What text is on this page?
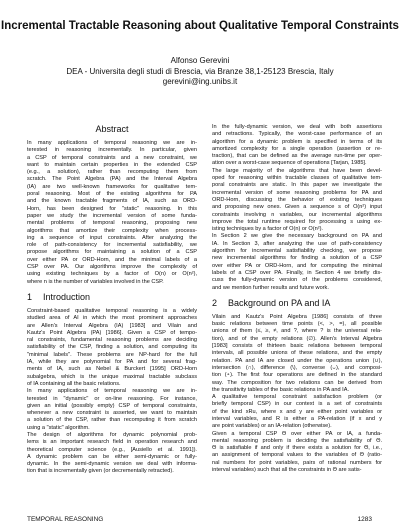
Incremental Tractable Reasoning about Qualitative Temporal Constraints
Alfonso Gerevini
DEA - Universita degli studi di Brescia, via Branze 38,1-25123 Brescia, Italy
gerevini@ing.unibs.it
Abstract
In many applications of temporal reasoning we are in-
terested in reasoning incrementally. In particular, given
a CSP of temporal constraints and a new constraint, we
want to maintain certain properties in the extended CSP
(e.g., a solution), rather than recomputing them from
scratch. The Point Algebra (PA) and the Interval Algebra
(IA) are two well-known frameworks for qualitative tem-
poral reasoning. Most of the existing algorithms for PA
and the known tractable fragments of IA, such as ORD-
Horn, has been designed for "static" reasoning. In this
paper we study the incremental version of some funda-
mental problems of temporal reasoning, proposing new
algorithms that amortize their complexity when process-
ing a sequence of input constraints. After analyzing the
role of path-consistency for incremental satisfiability, we
propose algorithms for maintaining a solution of a CSP
over either PA or ORD-Horn, and the minimal labels of a
CSP over PA. Our algorithms improve the complexity of
using existing techniques by a factor of O(n) or O(n²),
where n is the number of variables involved in the CSP.
1 Introduction
Constraint-based qualitative temporal reasoning is a widely
studied area of AI in which the most prominent approaches
are Allen's Interval Algebra (IA) [1983] and Vilain and
Kautz's Point Algebra (PA) [1986]. Given a CSP of tempo-
ral constraints, fundamental reasoning problems are deciding
satisfiability of the CSP, finding a solution, and computing its
"minimal labels". These problems are NP-hard for the full
IA, while they are polynomial for PA and for several frag-
ments of IA, such as Nebel & Burckert [1995] ORD-Horn
subalgebra, which is the unique maximal tractable subclass
of IA containing all the basic relations.
In many applications of temporal reasoning we are in-
terested in "dynamic" or on-line reasoning. For instance,
given an initial (possibly empty) CSP of temporal constraints,
whenever a new constraint is asserted, we want to maintain
a solution of the CSP, rather than recomputing it from scratch
using a "static" algorithm.
The design of algorithms for dynamic polynomial prob-
lems is an important research field in operation research and
theoretical computer science (e.g., [Ausiello et al. 1991]).
A dynamic problem can be either semi-dynamic or fully-
dynamic. In the semi-dynamic version we deal with informa-
tion that is incrementally given (or decrementally retracted).
In the fully-dynamic version, we deal with both assertions
and retractions. Typically, the worst-case performance of an
algorithm for a dynamic problem is specified in terms of its
amortized complexity for a single operation (assertion or re-
traction), that can be defined as the average run-time per oper-
ation over a worst-case sequence of operations [Tarjan, 1985].
The large majority of the algorithms that have been devel-
oped for reasoning within tractable classes of qualitative tem-
poral constraints are static. In this paper we investigate the
incremental version of some reasoning problems for PA and
ORD-Horn, discussing the behavior of existing techniques
and proposing new ones. Given a sequence s of O(n²) input
constraints involving n variables, our incremental algorithms
improve the total runtime required for processing s using ex-
isting techniques by a factor of O(n) or O(n²).
In Section 2 we give the necessary background on PA and
IA. In Section 3, after analyzing the use of path-consistency
algorithm for incremental satisfiability checking, we propose
new incremental algorithms for finding a solution of a CSP
over either PA or ORD-Horn, and for computing the minimal
labels of a CSP over PA. Finally, in Section 4 we briefly dis-
cuss the fully-dynamic version of the problems considered,
and we mention further results and future work.
2 Background on PA and IA
Vilain and Kautz's Point Algebra [1986] consists of three
basic relations between time points (<, >, =), all possible
unions of them (≤, ≥, ≠, and ?, where ? is the universal rela-
tion), and of the empty relations (∅). Allen's Interval Algebra
[1983] consists of thirteen basic relations between temporal
intervals, all possible unions of these relations, and the empty
relation. PA and IA are closed under the operations union (∪),
intersection (∩), difference (\), converse (⌣), and composi-
tion (∘). The first four operations are defined in the standard
way. The composition for two relations can be derived from
the transitivity tables of the basic relations in PA and IA.
A qualitative temporal constraint satisfaction problem (or
briefly temporal CSP) in our context is a set of constraints
of the kind xRu, where x and y are either point variables or
interval variables, and R is either a PA-relation (if x and y
are point variables) or an IA-relation (otherwise).
Given a temporal CSP Θ over either PA or IA, a funda-
mental reasoning problem is deciding the satisfiability of Θ.
Θ is satisfiable if and only if there exists a solution for Θ, i.e.,
an assignment of temporal values to the variables of Θ (ratio-
nal numbers for point variables, pairs of rational numbers for
interval variables) such that all the constraints in Θ are satis-
TEMPORAL REASONING	1283
